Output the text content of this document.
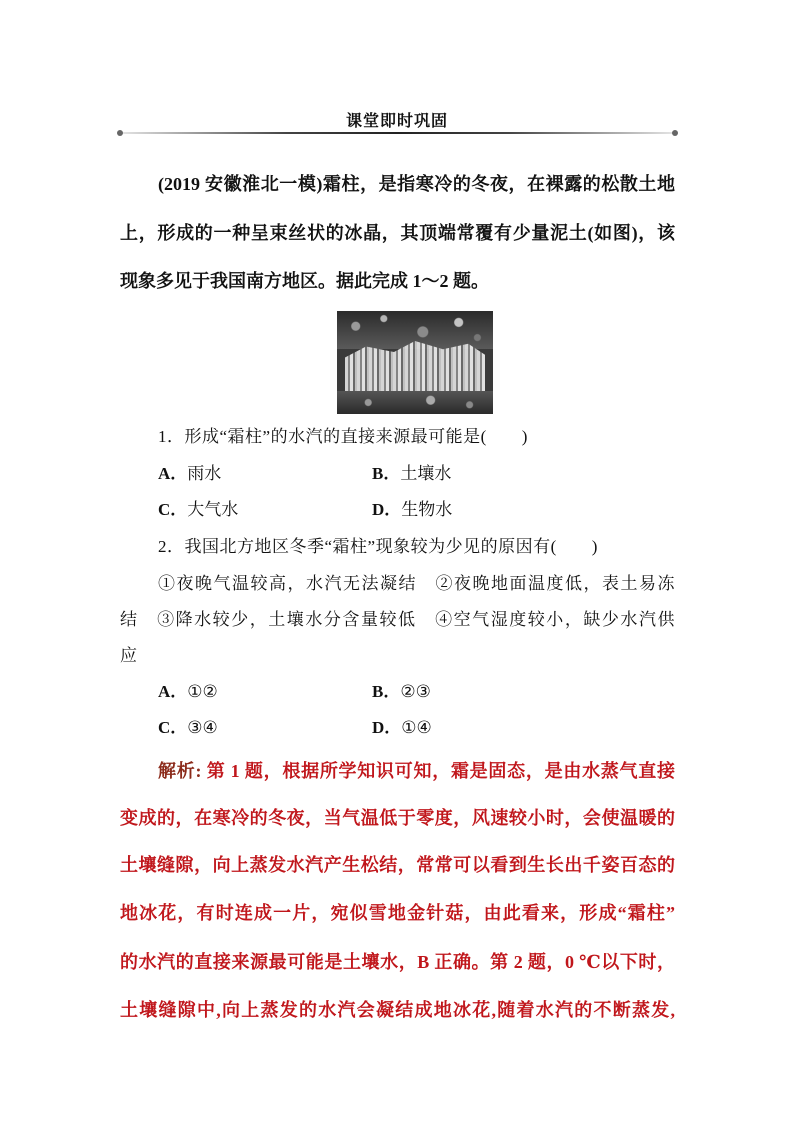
课堂即时巩固
(2019 安徽淮北一模)霜柱，是指寒冷的冬夜，在裸露的松散土地
上，形成的一种呈束丝状的冰晶，其顶端常覆有少量泥土(如图)，该
现象多见于我国南方地区。据此完成 1～2 题。
1．形成“霜柱”的水汽的直接来源最可能是(　　)
A．雨水	B．土壤水
C．大气水	D．生物水
2．我国北方地区冬季“霜柱”现象较为少见的原因有(　　)
①夜晚气温较高，水汽无法凝结　②夜晚地面温度低，表土易冻
结　③降水较少，土壤水分含量较低　④空气湿度较小，缺少水汽供
应
A．①②	B．②③
C．③④	D．①④
解析: 第 1 题，根据所学知识可知，霜是固态，是由水蒸气直接
变成的，在寒冷的冬夜，当气温低于零度，风速较小时，会使温暖的
土壤缝隙，向上蒸发水汽产生松结，常常可以看到生长出千姿百态的
地冰花，有时连成一片，宛似雪地金针菇，由此看来，形成“霜柱”
的水汽的直接来源最可能是土壤水，B 正确。第 2 题，0 ℃以下时，
土壤缝隙中,向上蒸发的水汽会凝结成地冰花,随着水汽的不断蒸发,
